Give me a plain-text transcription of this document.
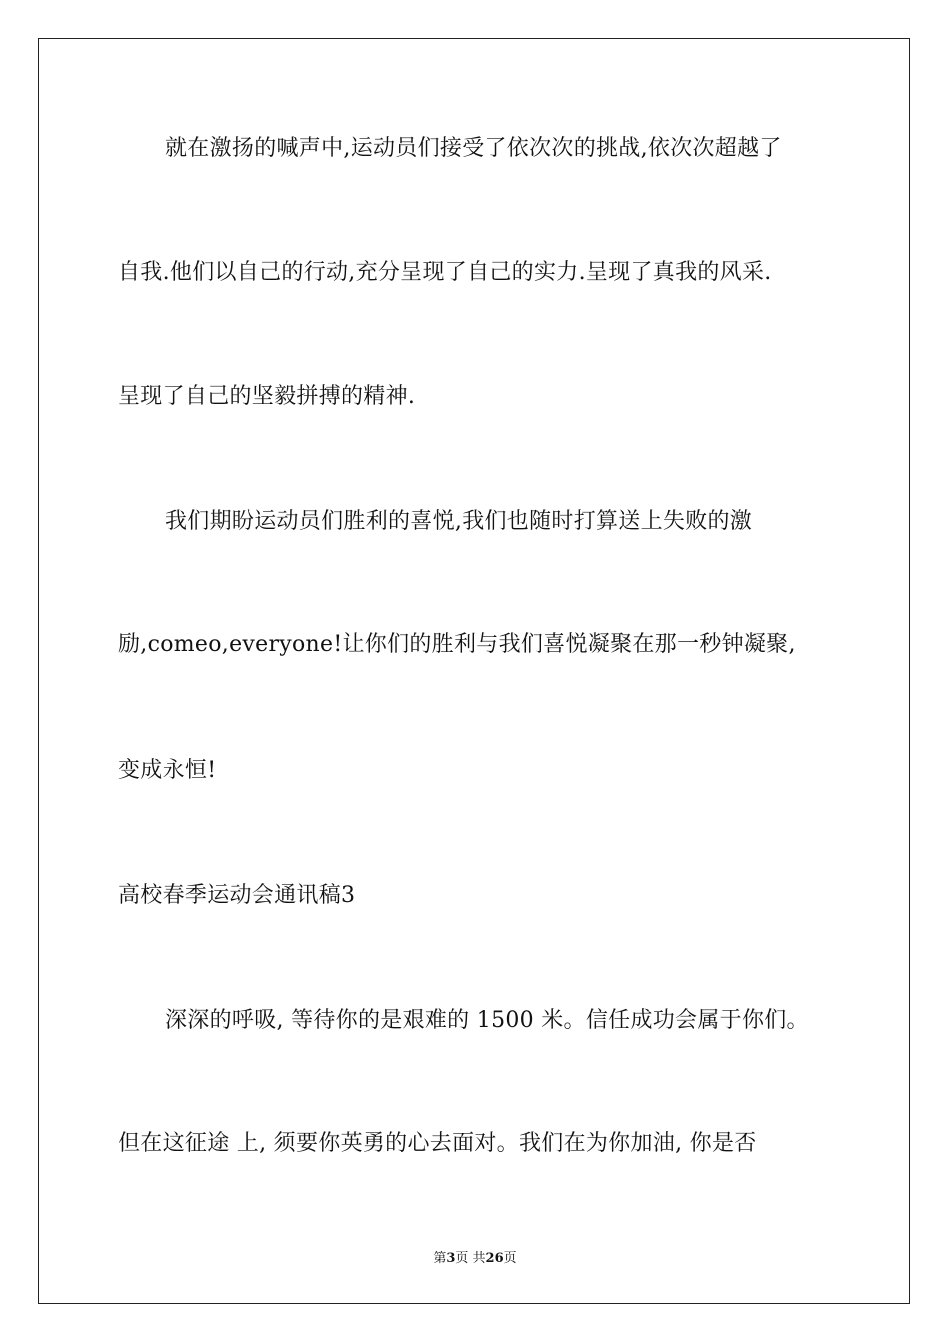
就在激扬的喊声中,运动员们接受了依次次的挑战,依次次超越了
自我.他们以自己的行动,充分呈现了自己的实力.呈现了真我的风采.
呈现了自己的坚毅拼搏的精神.
我们期盼运动员们胜利的喜悦,我们也随时打算送上失败的激
励,comeo,everyone!让你们的胜利与我们喜悦凝聚在那一秒钟凝聚,
变成永恒!
高校春季运动会通讯稿3
深深的呼吸, 等待你的是艰难的 1500 米。信任成功会属于你们。
但在这征途 上, 须要你英勇的心去面对。我们在为你加油, 你是否
第3页 共26页
